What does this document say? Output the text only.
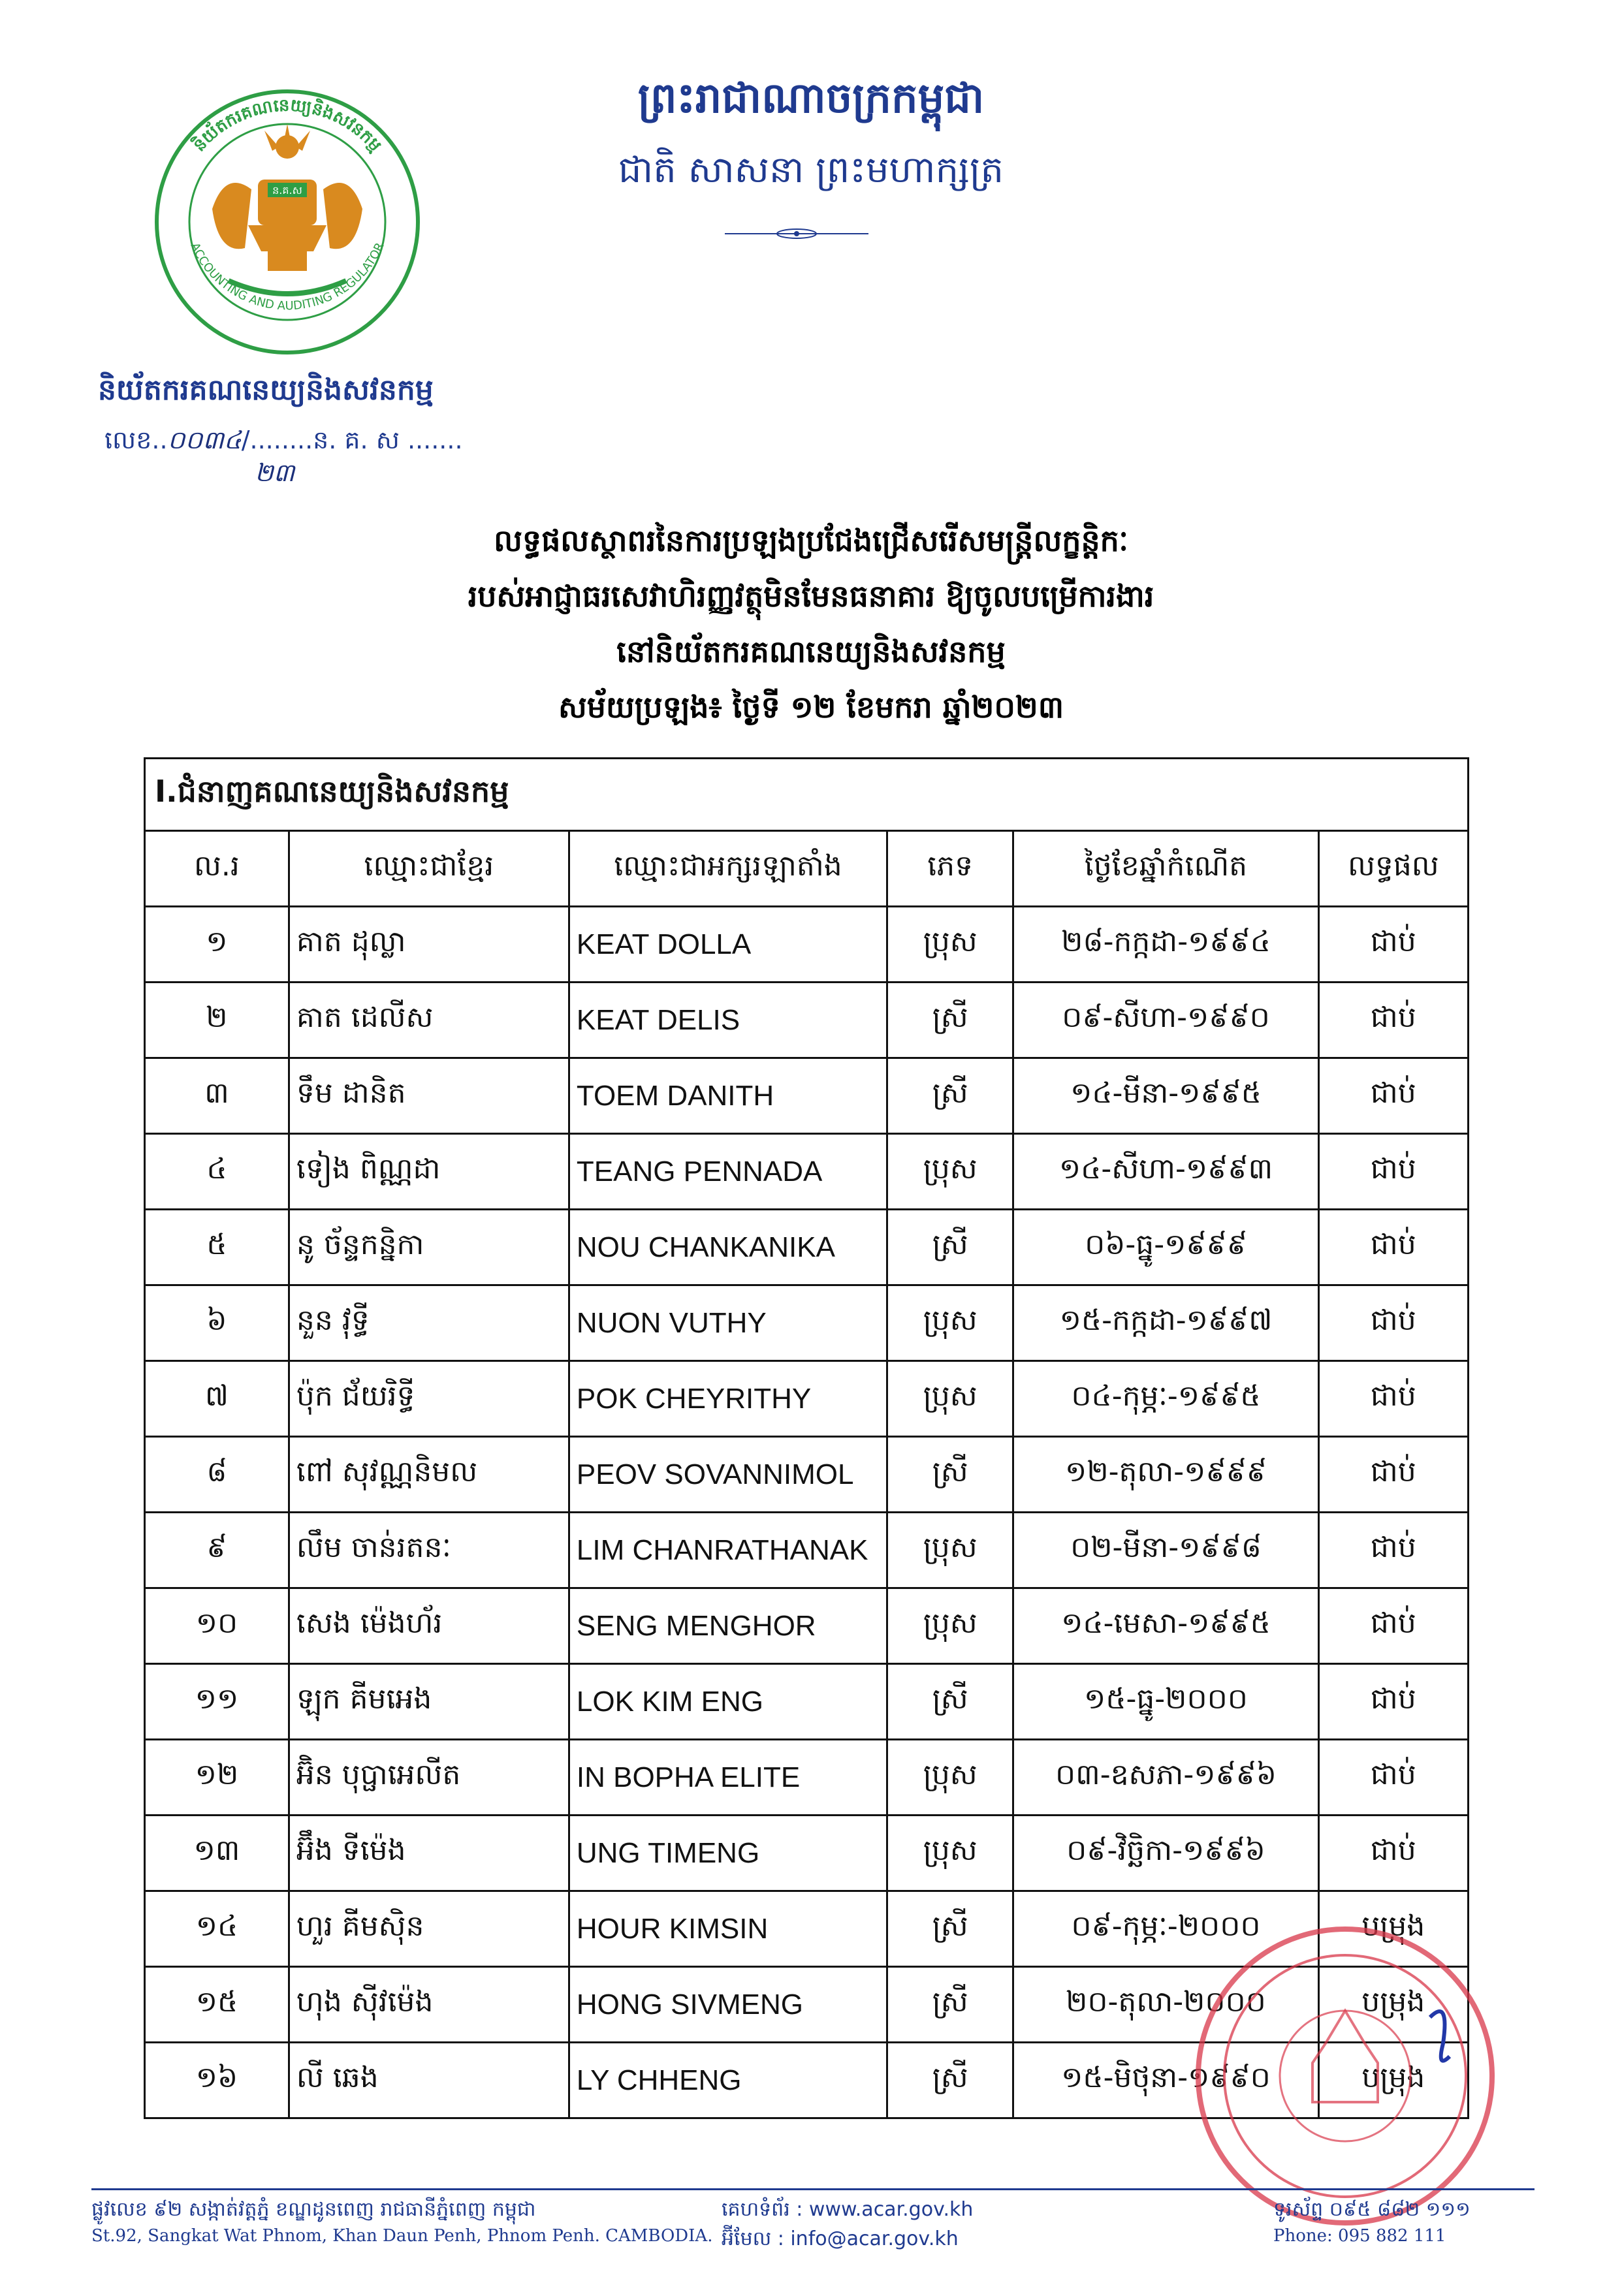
ន.គ.ស
និយ័តករគណនេយ្យនិងសវនកម្ម
ACCOUNTING AND AUDITING REGULATOR
និយ័តករគណនេយ្យនិងសវនកម្ម
លេខ..០០៣៤/........ន. គ. ស .......
២៣
ព្រះរាជាណាចក្រកម្ពុជា
ជាតិ សាសនា ព្រះមហាក្សត្រ
លទ្ធផលស្ថាពរនៃការប្រឡងប្រជែងជ្រើសរើសមន្ត្រីលក្ខន្តិកៈ
របស់អាជ្ញាធរសេវាហិរញ្ញវត្ថុមិនមែនធនាគារ ឱ្យចូលបម្រើការងារ
នៅនិយ័តករគណនេយ្យនិងសវនកម្ម
សម័យប្រឡង៖ ថ្ងៃទី ១២ ខែមករា ឆ្នាំ២០២៣
I.ជំនាញគណនេយ្យនិងសវនកម្ម					
ល.រ	ឈ្មោះជាខ្មែរ	ឈ្មោះជាអក្សរឡាតាំង	ភេទ	ថ្ងៃខែឆ្នាំកំណើត	លទ្ធផល
១	គាត ដុល្លា	KEAT DOLLA	ប្រុស	២៨-កក្កដា-១៩៩៤	ជាប់
២	គាត ដេលីស	KEAT DELIS	ស្រី	០៩-សីហា-១៩៩០	ជាប់
៣	ទឹម ដានិត	TOEM DANITH	ស្រី	១៤-មីនា-១៩៩៥	ជាប់
៤	ទៀង ពិណ្ណដា	TEANG PENNADA	ប្រុស	១៤-សីហា-១៩៩៣	ជាប់
៥	នូ ច័ន្ទកន្និកា	NOU CHANKANIKA	ស្រី	០៦-ធ្នូ-១៩៩៩	ជាប់
៦	នួន វុទ្ធី	NUON VUTHY	ប្រុស	១៥-កក្កដា-១៩៩៧	ជាប់
៧	ប៉ុក ជ័យរិទ្ធី	POK CHEYRITHY	ប្រុស	០៤-កុម្ភៈ-១៩៩៥	ជាប់
៨	ពៅ សុវណ្ណនិមល	PEOV SOVANNIMOL	ស្រី	១២-តុលា-១៩៩៩	ជាប់
៩	លឹម ចាន់រតនៈ	LIM CHANRATHANAK	ប្រុស	០២-មីនា-១៩៩៨	ជាប់
១០	សេង ម៉េងហ័រ	SENG MENGHOR	ប្រុស	១៤-មេសា-១៩៩៥	ជាប់
១១	ឡុក គីមអេង	LOK KIM ENG	ស្រី	១៥-ធ្នូ-២០០០	ជាប់
១២	អ៊ិន បុប្ផាអេលីត	IN BOPHA ELITE	ប្រុស	០៣-ឧសភា-១៩៩៦	ជាប់
១៣	អ៊ឹង ទីម៉េង	UNG TIMENG	ប្រុស	០៩-វិច្ឆិកា-១៩៩៦	ជាប់
១៤	ហួរ គីមស៊ិន	HOUR KIMSIN	ស្រី	០៩-កុម្ភៈ-២០០០	បម្រុង
១៥	ហុង ស៊ីវម៉េង	HONG SIVMENG	ស្រី	២០-តុលា-២០០០	បម្រុង
១៦	លី ឆេង	LY CHHENG	ស្រី	១៥-មិថុនា-១៩៩០	បម្រុង
ផ្លូវលេខ ៩២ សង្កាត់វត្តភ្នំ ខណ្ឌដូនពេញ រាជធានីភ្នំពេញ កម្ពុជា
St.92, Sangkat Wat Phnom, Khan Daun Penh, Phnom Penh. CAMBODIA.
គេហទំព័រ : www.acar.gov.kh
អ៊ីមែល : info@acar.gov.kh
ទូរស័ព្ទ ០៩៥ ៨៨២ ១១១
Phone: 095 882 111
